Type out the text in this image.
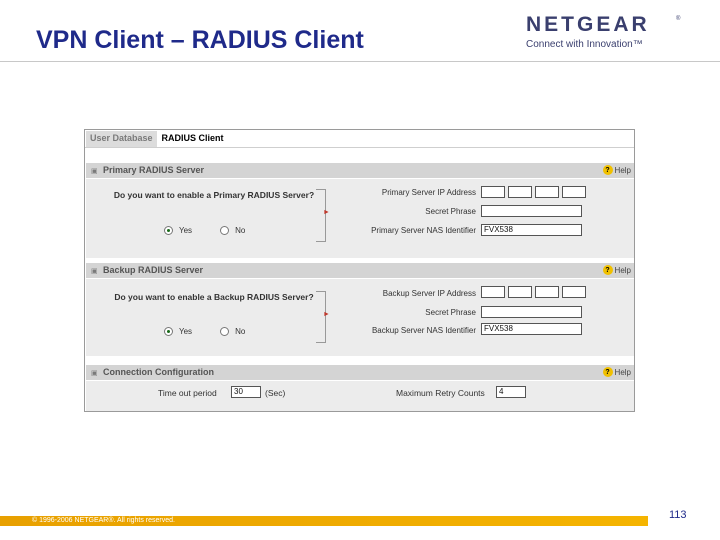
VPN Client – RADIUS Client
NETGEAR
Connect with Innovation™
®
User Database	RADIUS Client
▣ Primary RADIUS Server	? Help
Do you want to enable a Primary RADIUS Server?
Yes	No
►
Primary Server IP Address
Secret Phrase
Primary Server NAS Identifier	FVX538
▣ Backup RADIUS Server	? Help
Do you want to enable a Backup RADIUS Server?
Yes	No
►
Backup Server IP Address
Secret Phrase
Backup Server NAS Identifier	FVX538
▣ Connection Configuration	? Help
Time out period	30	(Sec)	Maximum Retry Counts	4
© 1996-2006 NETGEAR®. All rights reserved.	113
